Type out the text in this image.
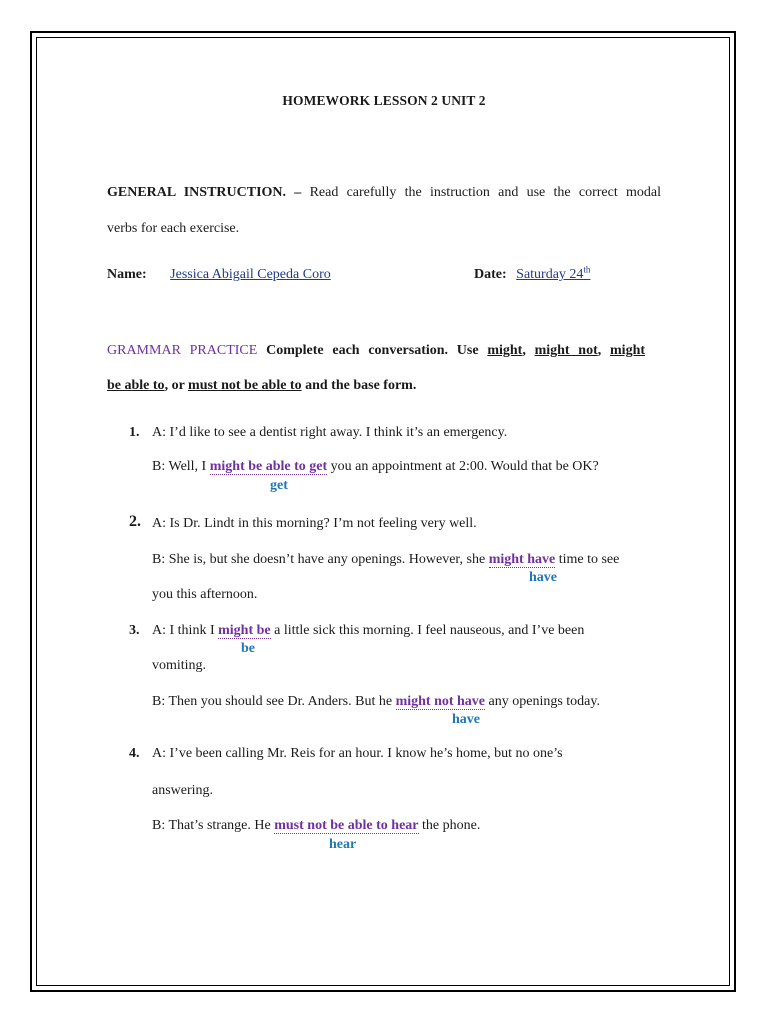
HOMEWORK LESSON 2 UNIT 2
GENERAL INSTRUCTION. – Read carefully the instruction and use the correct modal
verbs for each exercise.
Name: Jessica Abigail Cepeda Coro	Date: Saturday 24th
GRAMMAR PRACTICE Complete each conversation. Use might, might not, might
be able to, or must not be able to and the base form.
1. A: I’d like to see a dentist right away. I think it’s an emergency.
B: Well, I might be able to get you an appointment at 2:00. Would that be OK?
get
2. A: Is Dr. Lindt in this morning? I’m not feeling very well.
B: She is, but she doesn’t have any openings. However, she might have time to see
have
you this afternoon.
3. A: I think I might be a little sick this morning. I feel nauseous, and I’ve been
be
vomiting.
B: Then you should see Dr. Anders. But he might not have any openings today.
have
4. A: I’ve been calling Mr. Reis for an hour. I know he’s home, but no one’s
answering.
B: That’s strange. He must not be able to hear the phone.
hear
